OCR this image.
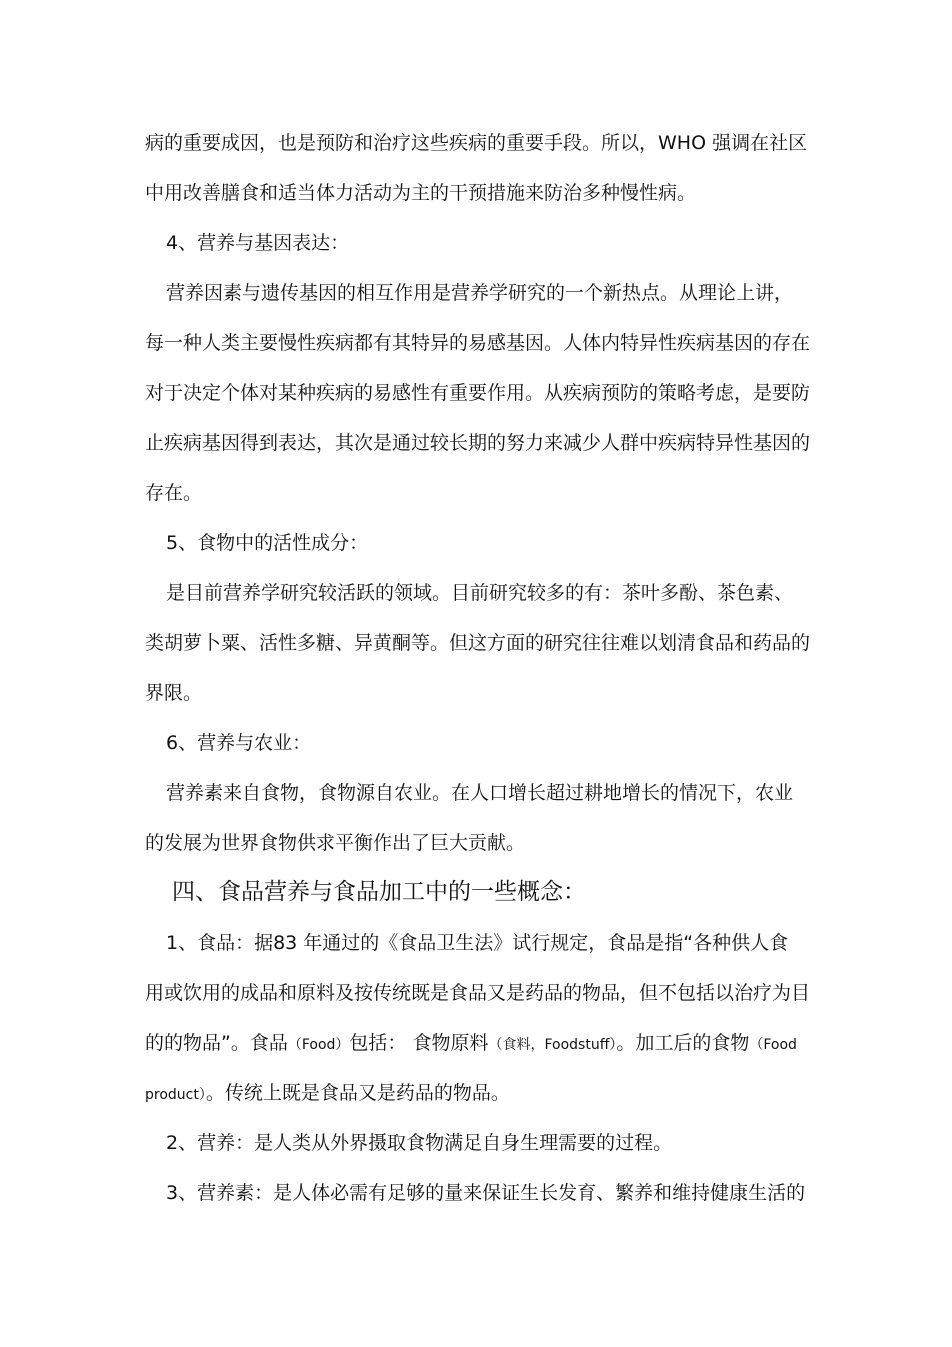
病的重要成因，也是预防和治疗这些疾病的重要手段。所以，WHO 强调在社区
中用改善膳食和适当体力活动为主的干预措施来防治多种慢性病。
4、营养与基因表达：
营养因素与遗传基因的相互作用是营养学研究的一个新热点。从理论上讲，
每一种人类主要慢性疾病都有其特异的易感基因。人体内特异性疾病基因的存在
对于决定个体对某种疾病的易感性有重要作用。从疾病预防的策略考虑，是要防
止疾病基因得到表达，其次是通过较长期的努力来减少人群中疾病特异性基因的
存在。
5、食物中的活性成分：
是目前营养学研究较活跃的领域。目前研究较多的有：茶叶多酚、茶色素、
类胡萝卜粟、活性多糖、异黄酮等。但这方面的研究往往难以划清食品和药品的
界限。
6、营养与农业：
营养素来自食物，食物源自农业。在人口增长超过耕地增长的情况下，农业
的发展为世界食物供求平衡作出了巨大贡献。
四、食品营养与食品加工中的一些概念：
1、食品：据83 年通过的《食品卫生法》试行规定，食品是指“各种供人食
用或饮用的成品和原料及按传统既是食品又是药品的物品，但不包括以治疗为目
的的物品”。食品（Food）包括： 食物原料（食料，Foodstuff）。加工后的食物（Food
product）。传统上既是食品又是药品的物品。
2、营养：是人类从外界摄取食物满足自身生理需要的过程。
3、营养素：是人体必需有足够的量来保证生长发育、繁养和维持健康生活的
